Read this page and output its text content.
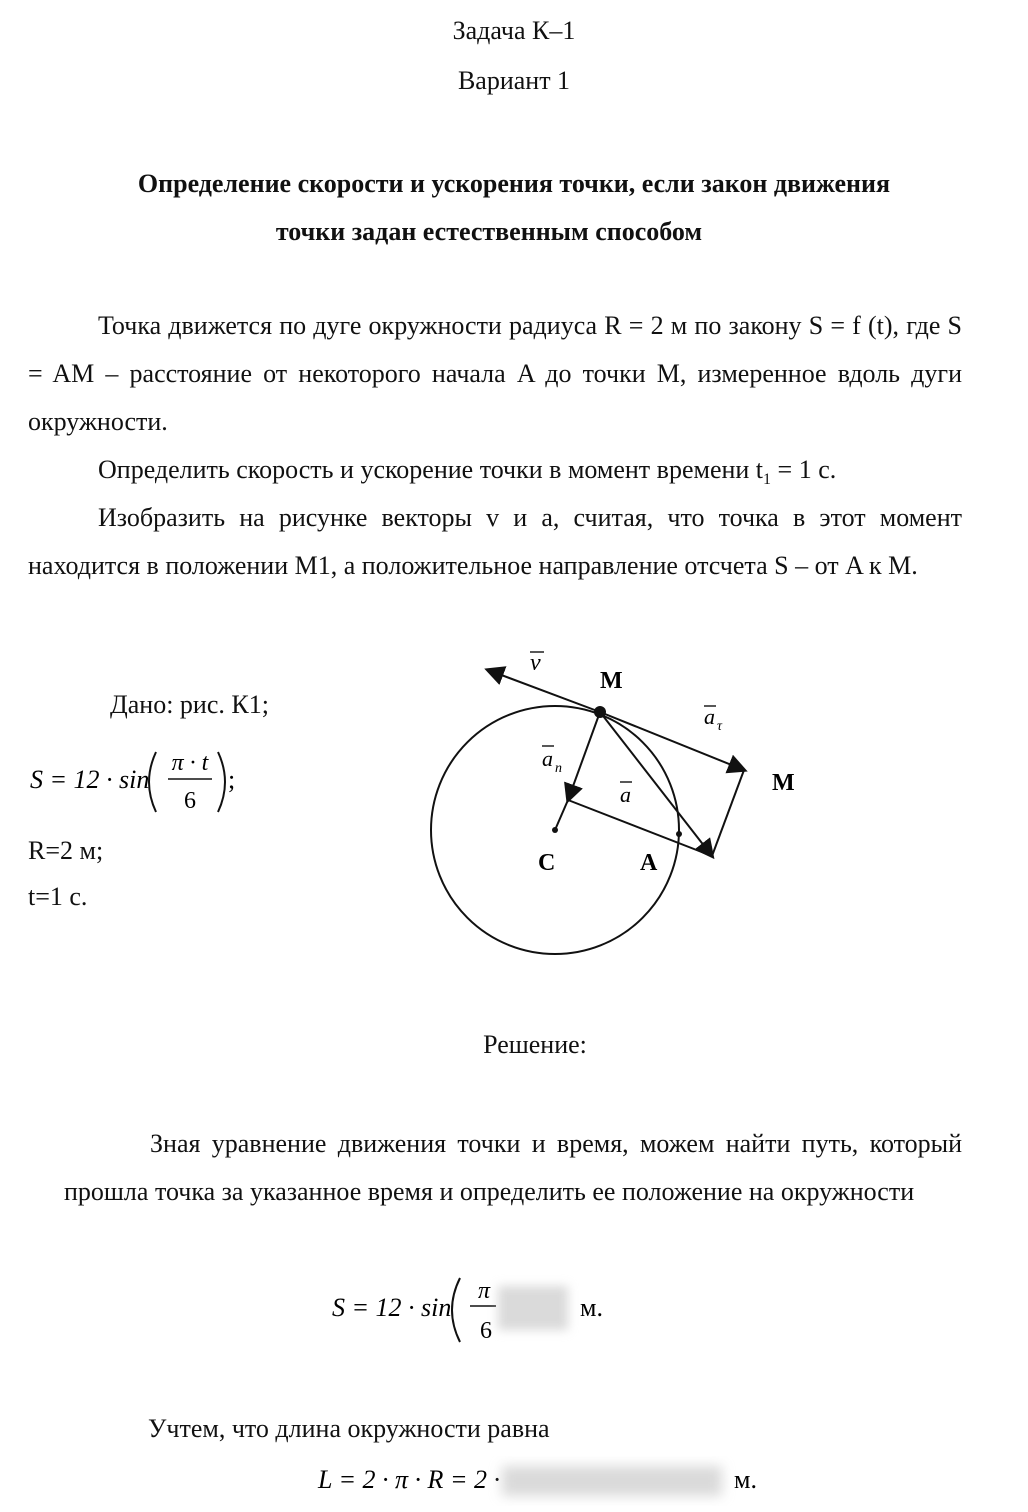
Задача К–1
Вариант 1
Определение скорости и ускорения точки, если закон движения
точки задан естественным способом
Точка движется по дуге окружности радиуса R = 2 м по закону S = f (t), где S = AM – расстояние от некоторого начала A до точки M, измеренное вдоль дуги окружности.
Определить скорость и ускорение точки в момент времени $t_1 = 1$ с.
Изобразить на рисунке векторы v и a, считая, что точка в этот момент находится в положении M1, а положительное направление отсчета S – от A к M.
Дано: рис. К1;
S = 12 · sin
π · t
6
;
R=2 м;
t=1 с.
v
M
a τ
a n
a	M
C	A
Решение:
Зная уравнение движения точки и время, можем найти путь, который прошла точка за указанное время и определить ее положение на окружности
S = 12 · sin
π
6
м.
Учтем, что длина окружности равна
L = 2 · π · R = 2 ·	м.
